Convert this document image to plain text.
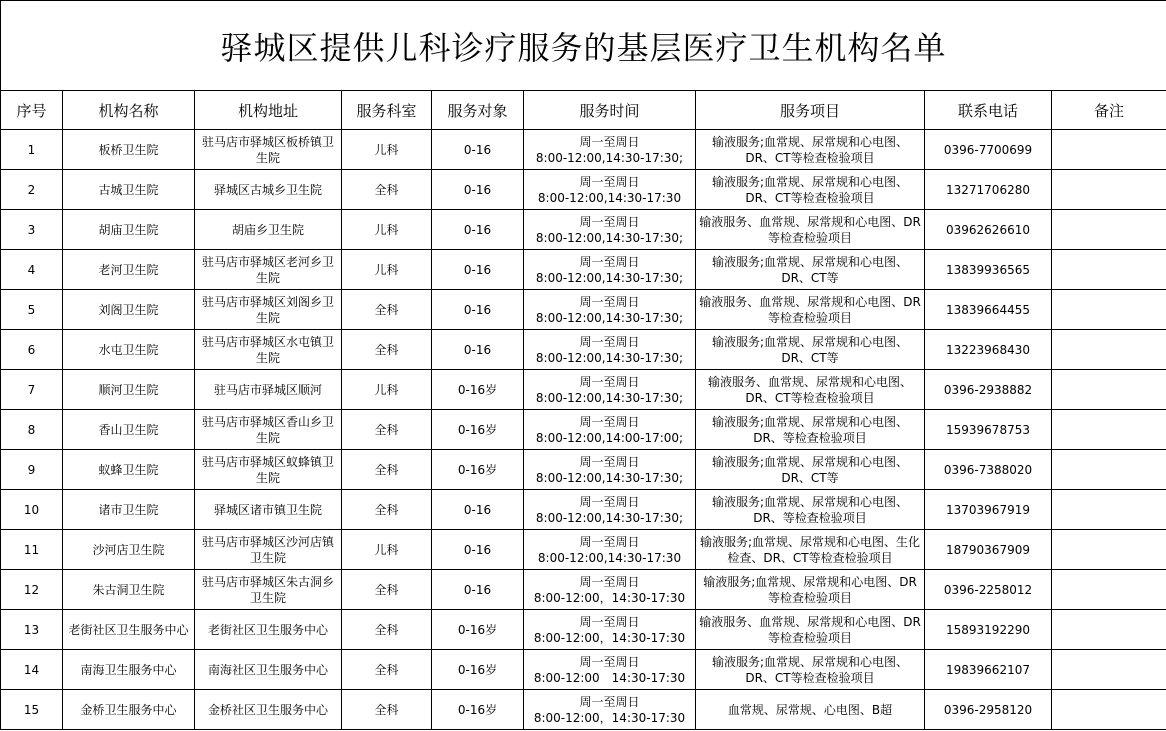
驿城区提供儿科诊疗服务的基层医疗卫生机构名单								
序号	机构名称	机构地址	服务科室	服务对象	服务时间	服务项目	联系电话	备注

1	板桥卫生院	驻马店市驿城区板桥镇卫生院	儿科	0-16	周一至周日
8:00-12:00,14:30-17:30;	输液服务;血常规、尿常规和心电图、DR、CT等检查检验项目	0396-7700699	

2	古城卫生院	驿城区古城乡卫生院	全科	0-16	周一至周日
8:00-12:00,14:30-17:30	输液服务;血常规、尿常规和心电图、DR、CT等检查检验项目	13271706280	

3	胡庙卫生院	胡庙乡卫生院	儿科	0-16	周一至周日
8:00-12:00,14:30-17:30;	输液服务、血常规、尿常规和心电图、DR等检查检验项目	03962626610	

4	老河卫生院	驻马店市驿城区老河乡卫生院	儿科	0-16	周一至周日
8:00-12:00,14:30-17:30;	输液服务;血常规、尿常规和心电图、DR、CT等	13839936565	

5	刘阁卫生院	驻马店市驿城区刘阁乡卫生院	全科	0-16	周一至周日
8:00-12:00,14:30-17:30;	输液服务、血常规、尿常规和心电图、DR等检查检验项目	13839664455	

6	水屯卫生院	驻马店市驿城区水屯镇卫生院	全科	0-16	周一至周日
8:00-12:00,14:30-17:30;	输液服务;血常规、尿常规和心电图、DR、CT等	13223968430	

7	顺河卫生院	驻马店市驿城区顺河	儿科	0-16岁	周一至周日
8:00-12:00,14:30-17:30;	输液服务、血常规、尿常规和心电图、DR、CT等检查检验项目	0396-2938882	

8	香山卫生院	驻马店市驿城区香山乡卫生院	全科	0-16岁	周一至周日
8:00-12:00,14:00-17:00;	输液服务;血常规、尿常规和心电图、DR、等检查检验项目	15939678753	

9	蚁蜂卫生院	驻马店市驿城区蚁蜂镇卫生院	全科	0-16岁	周一至周日
8:00-12:00,14:30-17:30;	输液服务;血常规、尿常规和心电图、DR、CT等	0396-7388020	

10	诸市卫生院	驿城区诸市镇卫生院	全科	0-16	周一至周日
8:00-12:00,14:30-17:30;	输液服务;血常规、尿常规和心电图、DR、等检查检验项目	13703967919	

11	沙河店卫生院	驻马店市驿城区沙河店镇卫生院	儿科	0-16	周一至周日
8:00-12:00,14:30-17:30	输液服务;血常规、尿常规和心电图、生化检查、DR、CT等检查检验项目	18790367909	

12	朱古洞卫生院	驻马店市驿城区朱古洞乡卫生院	全科	0-16	周一至周日
8:00-12:00，14:30-17:30	输液服务;血常规、尿常规和心电图、DR等检查检验项目	0396-2258012	

13	老街社区卫生服务中心	老街社区卫生服务中心	全科	0-16岁	周一至周日
8:00-12:00，14:30-17:30	输液服务、血常规、尿常规和心电图、DR等检查检验项目	15893192290	

14	南海卫生服务中心	南海社区卫生服务中心	全科	0-16岁	周一至周日
8:00-12:00　14:30-17:30	输液服务;血常规、尿常规和心电图、DR、CT等检查检验项目	19839662107	

15	金桥卫生服务中心	金桥社区卫生服务中心	全科	0-16岁	周一至周日
8:00-12:00，14:30-17:30	血常规、尿常规、心电图、B超	0396-2958120	
